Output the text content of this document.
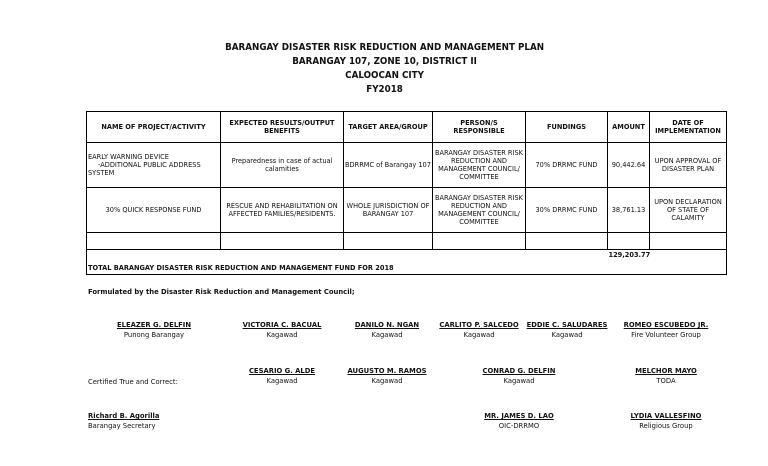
BARANGAY DISASTER RISK REDUCTION AND MANAGEMENT PLAN
BARANGAY 107, ZONE 10, DISTRICT II
CALOOCAN CITY
FY2018
NAME OF PROJECT/ACTIVITY	EXPECTED RESULTS/OUTPUT BENEFITS	TARGET AREA/GROUP	PERSON/S RESPONSIBLE	FUNDINGS	AMOUNT	DATE OF IMPLEMENTATION

EARLY WARNING DEVICE
-ADDITIONAL PUBLIC ADDRESS
SYSTEM	Preparedness in case of actual calamities	BDRRMC of Barangay 107	BARANGAY DISASTER RISK REDUCTION AND MANAGEMENT COUNCIL/ COMMITTEE	70% DRRMC FUND	90,442.64	UPON APPROVAL OF DISASTER PLAN
30% QUICK RESPONSE FUND	RESCUE AND REHABILITATION ON AFFECTED FAMILIES/RESIDENTS.	WHOLE JURISDICTION OF BARANGAY 107	BARANGAY DISASTER RISK REDUCTION AND MANAGEMENT COUNCIL/ COMMITTEE	30% DRRMC FUND	38,761.13	UPON DECLARATION OF STATE OF CALAMITY

TOTAL BARANGAY DISASTER RISK REDUCTION AND MANAGEMENT FUND FOR 2018					129,203.77	
Formulated by the Disaster Risk Reduction and Management Council;
ELEAZER G. DELFIN
Punong Barangay
VICTORIA C. BACUAL
Kagawad
DANILO N. NGAN
Kagawad
CARLITO P. SALCEDO
Kagawad
EDDIE C. SALUDARES
Kagawad
ROMEO ESCUBEDO JR.
Fire Volunteer Group
Certified True and Correct:
CESARIO G. ALDE
Kagawad
AUGUSTO M. RAMOS
Kagawad
CONRAD G. DELFIN
Kagawad
MELCHOR MAYO
TODA
Richard B. Agorilla
Barangay Secretary
MR. JAMES D. LAO
OIC-DRRMO
LYDIA VALLESFINO
Religious Group
